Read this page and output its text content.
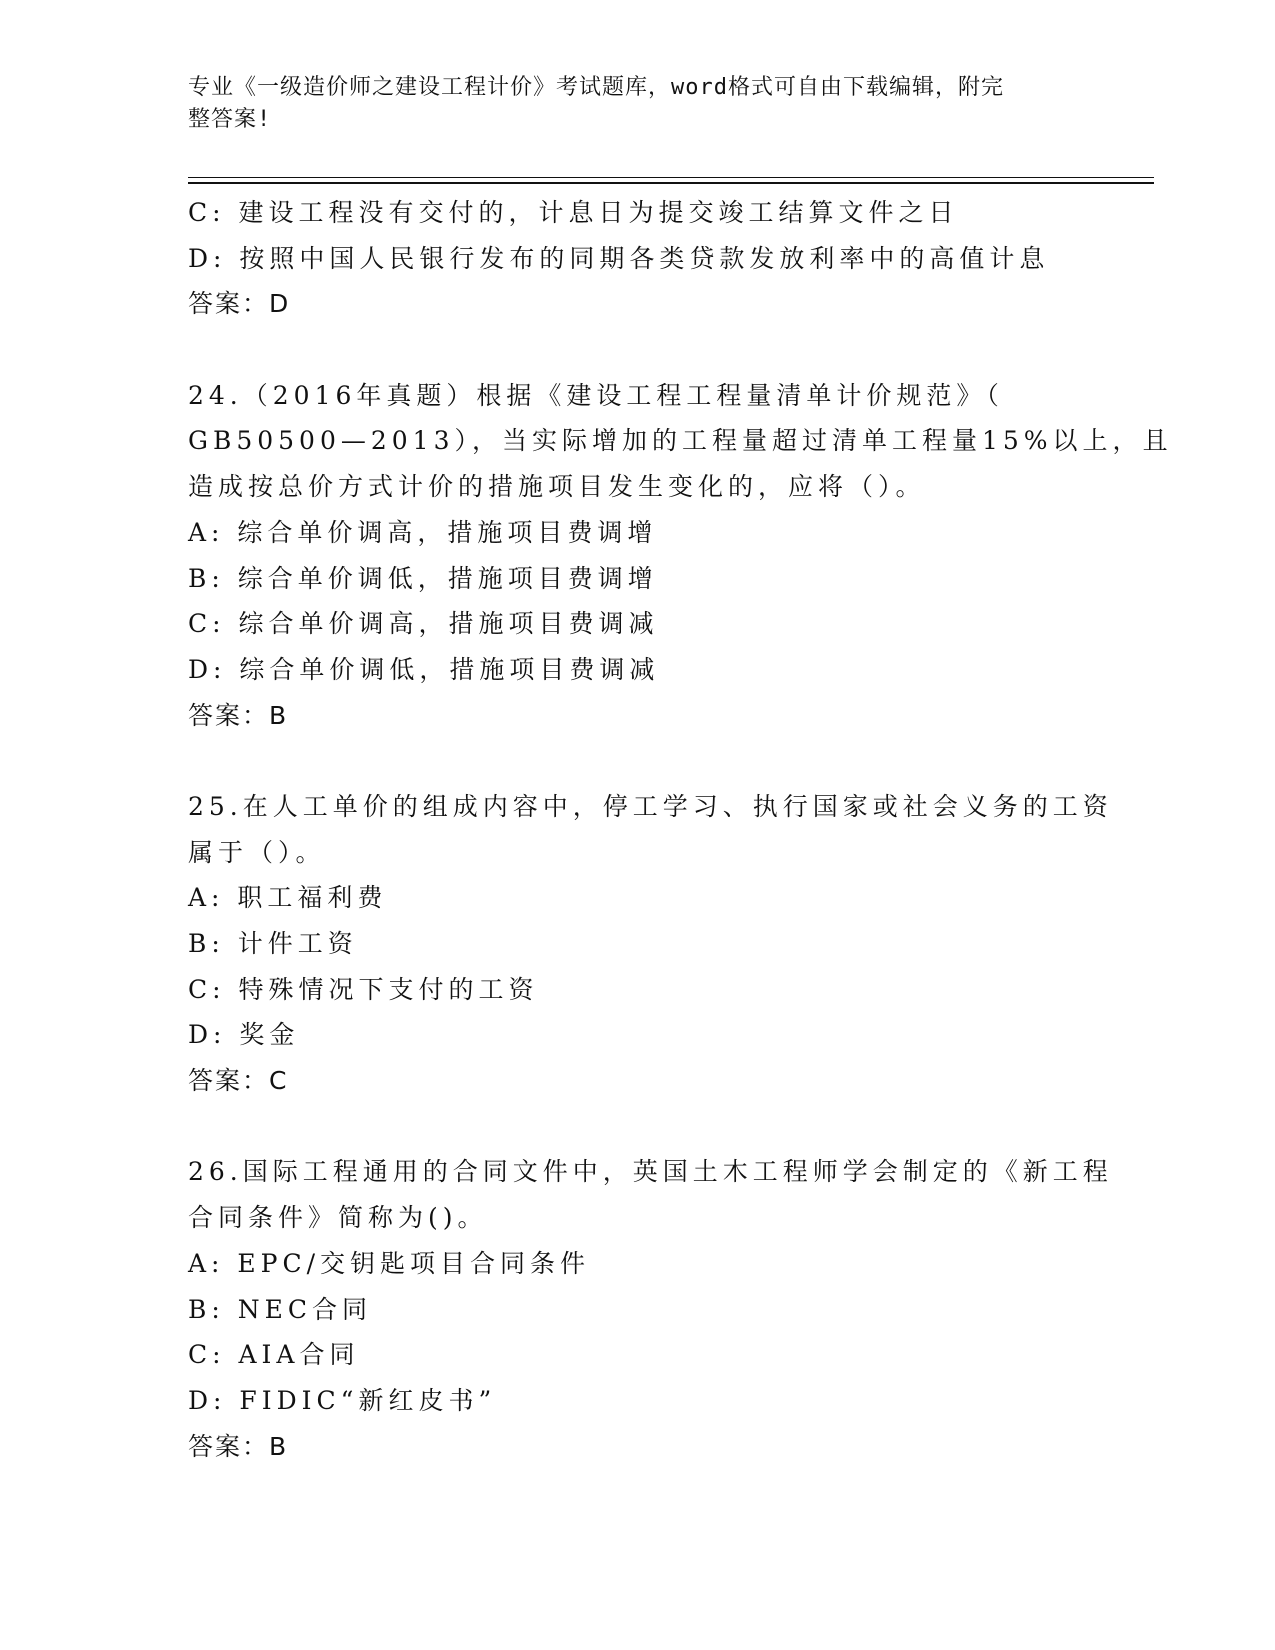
专业《一级造价师之建设工程计价》考试题库，word格式可自由下载编辑，附完
整答案!
C: 建设工程没有交付的，计息日为提交竣工结算文件之日
D: 按照中国人民银行发布的同期各类贷款发放利率中的高值计息
答案：D
24.（2016年真题）根据《建设工程工程量清单计价规范》（
GB50500—2013），当实际增加的工程量超过清单工程量15%以上，且
造成按总价方式计价的措施项目发生变化的，应将（）。
A: 综合单价调高，措施项目费调增
B: 综合单价调低，措施项目费调增
C: 综合单价调高，措施项目费调减
D: 综合单价调低，措施项目费调减
答案：B
25.在人工单价的组成内容中，停工学习、执行国家或社会义务的工资
属于（）。
A: 职工福利费
B: 计件工资
C: 特殊情况下支付的工资
D: 奖金
答案：C
26.国际工程通用的合同文件中，英国土木工程师学会制定的《新工程
合同条件》简称为()。
A: EPC/交钥匙项目合同条件
B: NEC合同
C: AIA合同
D: FIDIC“新红皮书”
答案：B
